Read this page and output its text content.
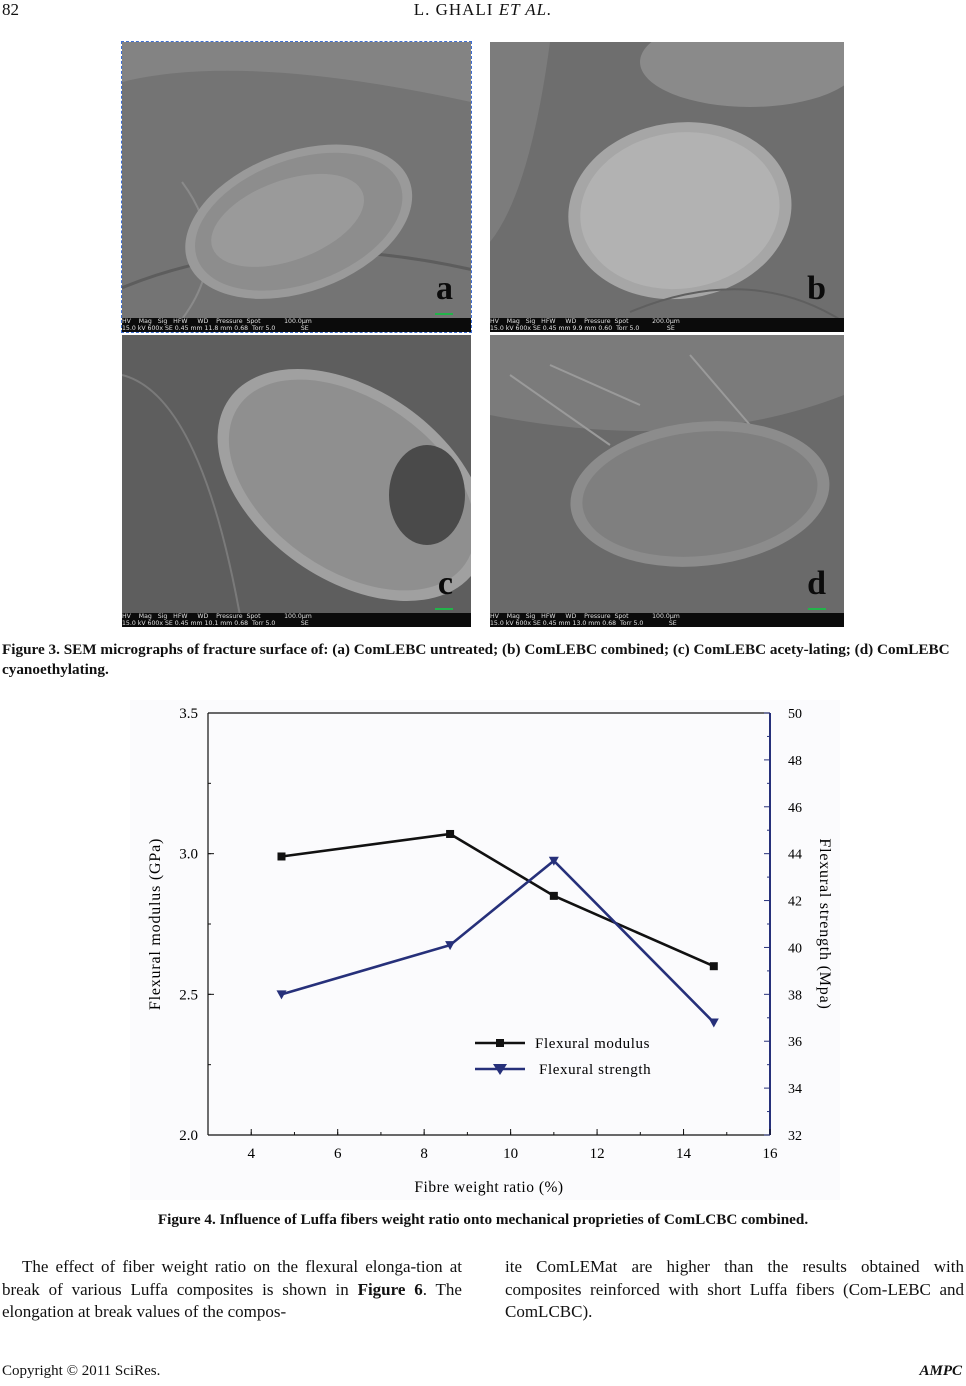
82	L. GHALI ET AL.
a
HV    Mag   Sig   HFW     WD    Pressure  Spot            100.0µm
15.0 kV 600x SE 0.45 mm 11.8 mm 0.68  Torr 5.0             SE
b
HV    Mag   Sig   HFW     WD    Pressure  Spot            200.0µm
15.0 kV 600x SE 0.45 mm 9.9 mm 0.60  Torr 5.0              SE
c
HV    Mag   Sig   HFW     WD    Pressure  Spot            100.0µm
15.0 kV 600x SE 0.45 mm 10.1 mm 0.68  Torr 5.0             SE
d
HV    Mag   Sig   HFW     WD    Pressure  Spot            100.0µm
15.0 kV 600x SE 0.45 mm 13.0 mm 0.68  Torr 5.0             SE
Figure 3. SEM micrographs of fracture surface of: (a) ComLEBC untreated; (b) ComLEBC combined; (c) ComLEBC acety-lating; (d) ComLEBC cyanoethylating.
4	6	8	10	12	14	16
2.0
2.5
3.0
3.5
32
34
36
38
40
42
44
46
48
50
Fibre weight ratio (%)
Flexural modulus (GPa)	Flexural strength (Mpa)
Flexural modulus
Flexural strength
Figure 4. Influence of Luffa fibers weight ratio onto mechanical proprieties of ComLCBC combined.
The effect of fiber weight ratio on the flexural elonga-tion at break of various Luffa composites is shown in Figure 6. The elongation at break values of the compos-
ite ComLEMat are higher than the results obtained with composites reinforced with short Luffa fibers (Com-LEBC and ComLCBC).
Copyright © 2011 SciRes.	AMPC
